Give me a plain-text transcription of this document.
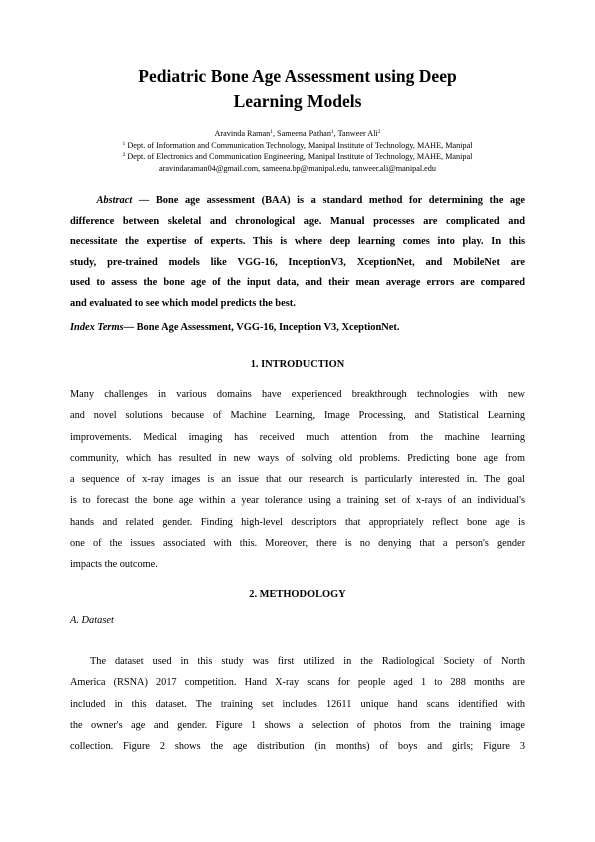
Pediatric Bone Age Assessment using Deep
Learning Models
Aravinda Raman$^1$, Sameena Pathan$^1$, Tanweer Ali$^2$
$^1$ Dept. of Information and Communication Technology, Manipal Institute of Technology, MAHE, Manipal
$^2$ Dept. of Electronics and Communication Engineering, Manipal Institute of Technology, MAHE, Manipal
aravindaraman04@gmail.com, sameena.bp@manipal.edu, tanweer.ali@manipal.edu
Abstract — Bone age assessment (BAA) is a standard method for determining the age
difference between skeletal and chronological age. Manual processes are complicated and
necessitate the expertise of experts. This is where deep learning comes into play. In this
study, pre-trained models like VGG-16, InceptionV3, XceptionNet, and MobileNet are
used to assess the bone age of the input data, and their mean average errors are compared
and evaluated to see which model predicts the best.
Index Terms— Bone Age Assessment, VGG-16, Inception V3, XceptionNet.
1. INTRODUCTION
Many challenges in various domains have experienced breakthrough technologies with new
and novel solutions because of Machine Learning, Image Processing, and Statistical Learning
improvements. Medical imaging has received much attention from the machine learning
community, which has resulted in new ways of solving old problems. Predicting bone age from
a sequence of x-ray images is an issue that our research is particularly interested in. The goal
is to forecast the bone age within a year tolerance using a training set of x-rays of an individual's
hands and related gender. Finding high-level descriptors that appropriately reflect bone age is
one of the issues associated with this. Moreover, there is no denying that a person's gender
impacts the outcome.
2. METHODOLOGY
A. Dataset
The dataset used in this study was first utilized in the Radiological Society of North
America (RSNA) 2017 competition. Hand X-ray scans for people aged 1 to 288 months are
included in this dataset. The training set includes 12611 unique hand scans identified with
the owner's age and gender. Figure 1 shows a selection of photos from the training image
collection. Figure 2 shows the age distribution (in months) of boys and girls; Figure 3
